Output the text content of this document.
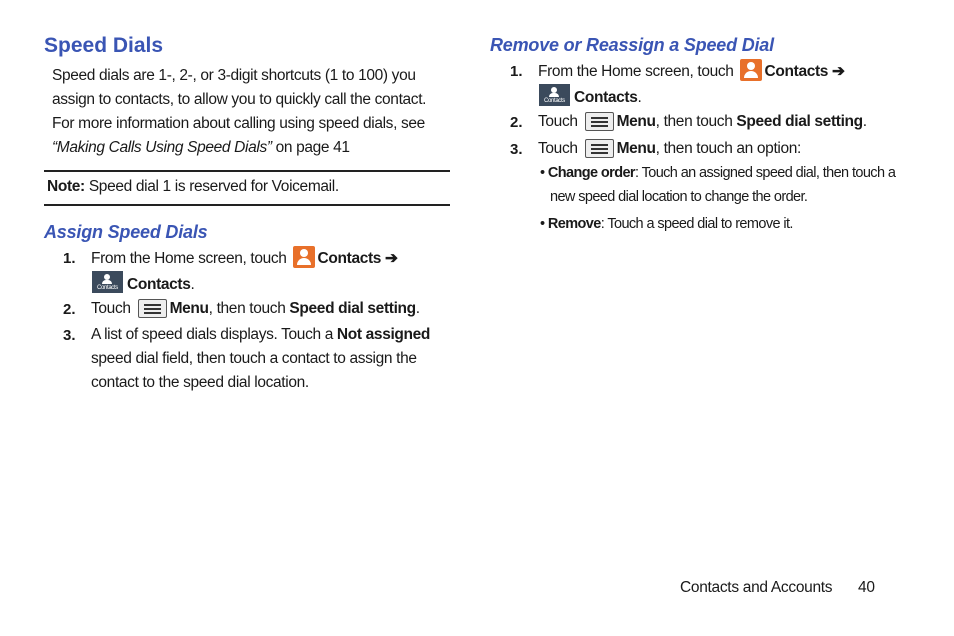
Speed Dials
Speed dials are 1-, 2-, or 3-digit shortcuts (1 to 100) you
assign to contacts, to allow you to quickly call the contact.
For more information about calling using speed dials, see
“Making Calls Using Speed Dials” on page 41
Note: Speed dial 1 is reserved for Voicemail.
Assign Speed Dials
1. From the Home screen, touch
Contacts ➔
Contacts Contacts.
2. Touch
Menu, then touch Speed dial setting.
3. A list of speed dials displays. Touch a Not assigned
speed dial field, then touch a contact to assign the
contact to the speed dial location.
Remove or Reassign a Speed Dial
1. From the Home screen, touch
Contacts ➔
Contacts Contacts.
2. Touch
Menu, then touch Speed dial setting.
3. Touch
Menu, then touch an option:
• Change order: Touch an assigned speed dial, then touch a
new speed dial location to change the order.
• Remove: Touch a speed dial to remove it.
Contacts and Accounts 40
